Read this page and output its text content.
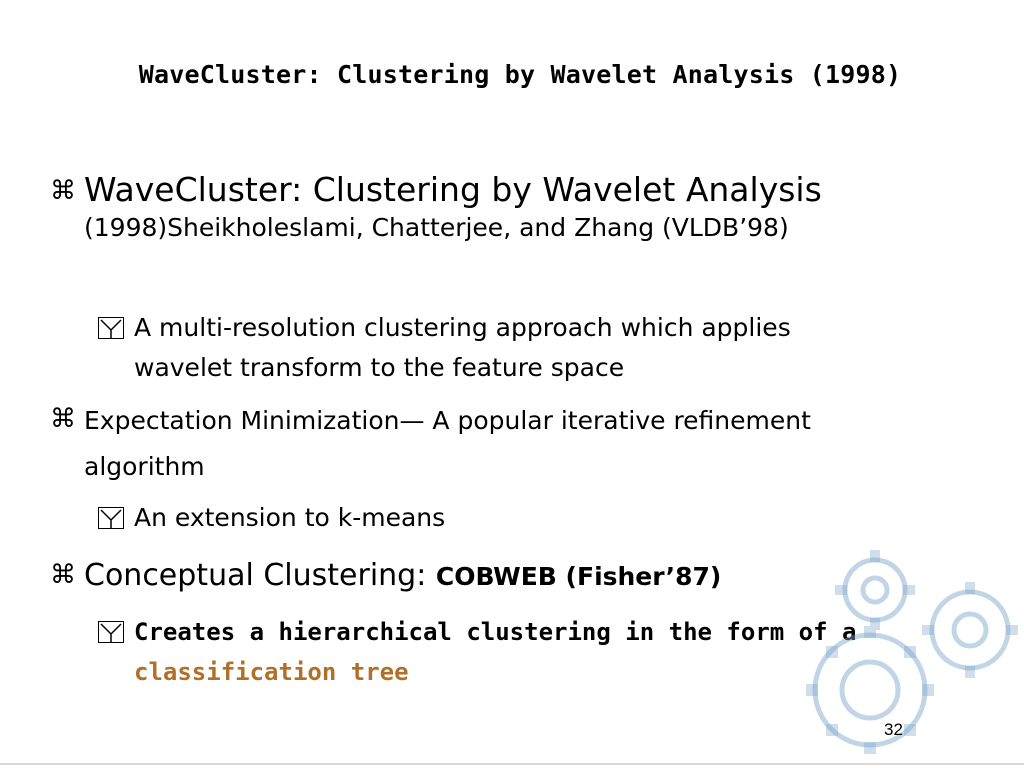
WaveCluster: Clustering by Wavelet Analysis (1998)
⌘ WaveCluster: Clustering by Wavelet Analysis
(1998)Sheikholeslami, Chatterjee, and Zhang (VLDB’98)
A multi-resolution clustering approach which applies wavelet transform to the feature space
⌘ Expectation Minimization— A popular iterative refinement algorithm
An extension to k-means
⌘ Conceptual Clustering: COBWEB (Fisher’87)
Creates a hierarchical clustering in the form of a classification tree
32
